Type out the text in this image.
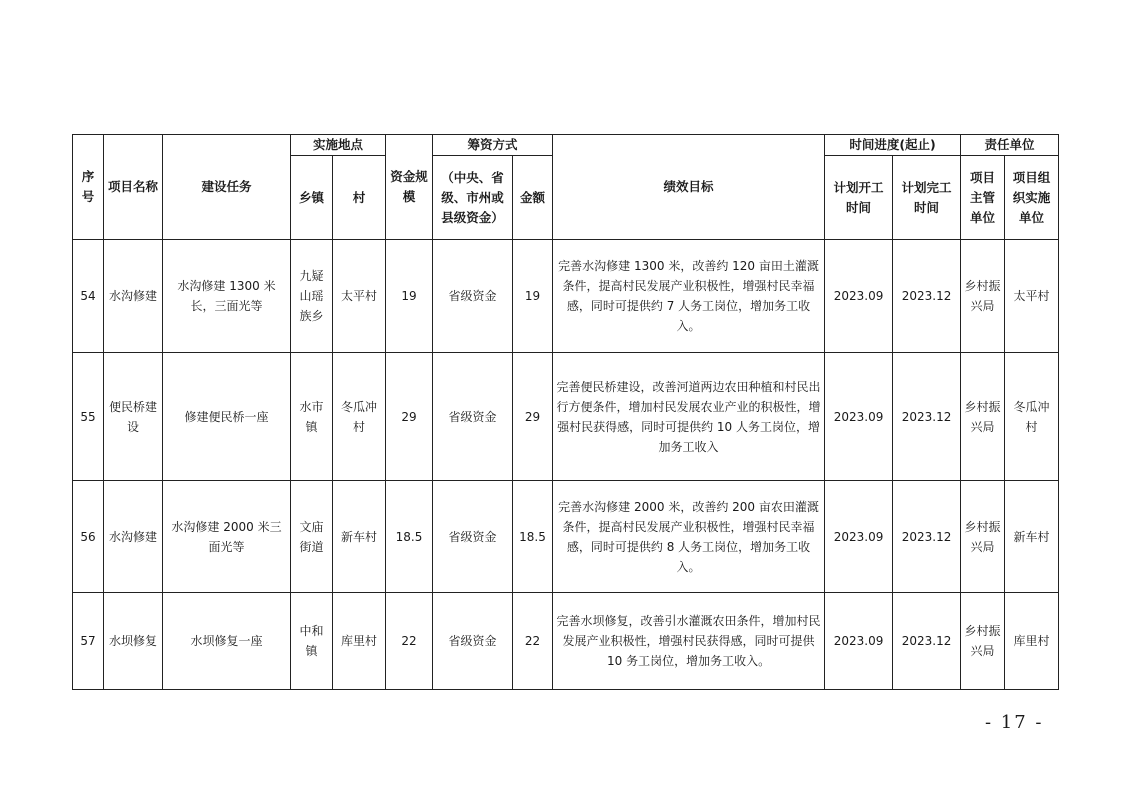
序号	项目名称	建设任务	实施地点		资金规模	筹资方式		绩效目标	时间进度(起止)		责任单位	
			乡镇	村		（中央、省级、市州或县级资金）	金额		计划开工时间	计划完工时间	项目主管单位	项目组织实施单位
54	水沟修建	水沟修建 1300 米长，三面光等	九疑山瑶族乡	太平村	19	省级资金	19	完善水沟修建 1300 米，改善约 120 亩田土灌溉条件，提高村民发展产业积极性，增强村民幸福感，同时可提供约 7 人务工岗位，增加务工收入。	2023.09	2023.12	乡村振兴局	太平村
55	便民桥建设	修建便民桥一座	水市镇	冬瓜冲村	29	省级资金	29	完善便民桥建设，改善河道两边农田种植和村民出行方便条件，增加村民发展农业产业的积极性，增强村民获得感，同时可提供约 10 人务工岗位，增加务工收入	2023.09	2023.12	乡村振兴局	冬瓜冲村
56	水沟修建	水沟修建 2000 米三面光等	文庙街道	新车村	18.5	省级资金	18.5	完善水沟修建 2000 米，改善约 200 亩农田灌溉条件，提高村民发展产业积极性，增强村民幸福感，同时可提供约 8 人务工岗位，增加务工收入。	2023.09	2023.12	乡村振兴局	新车村
57	水坝修复	水坝修复一座	中和镇	库里村	22	省级资金	22	完善水坝修复，改善引水灌溉农田条件，增加村民发展产业积极性，增强村民获得感，同时可提供 10 务工岗位，增加务工收入。	2023.09	2023.12	乡村振兴局	库里村
- 17 -
